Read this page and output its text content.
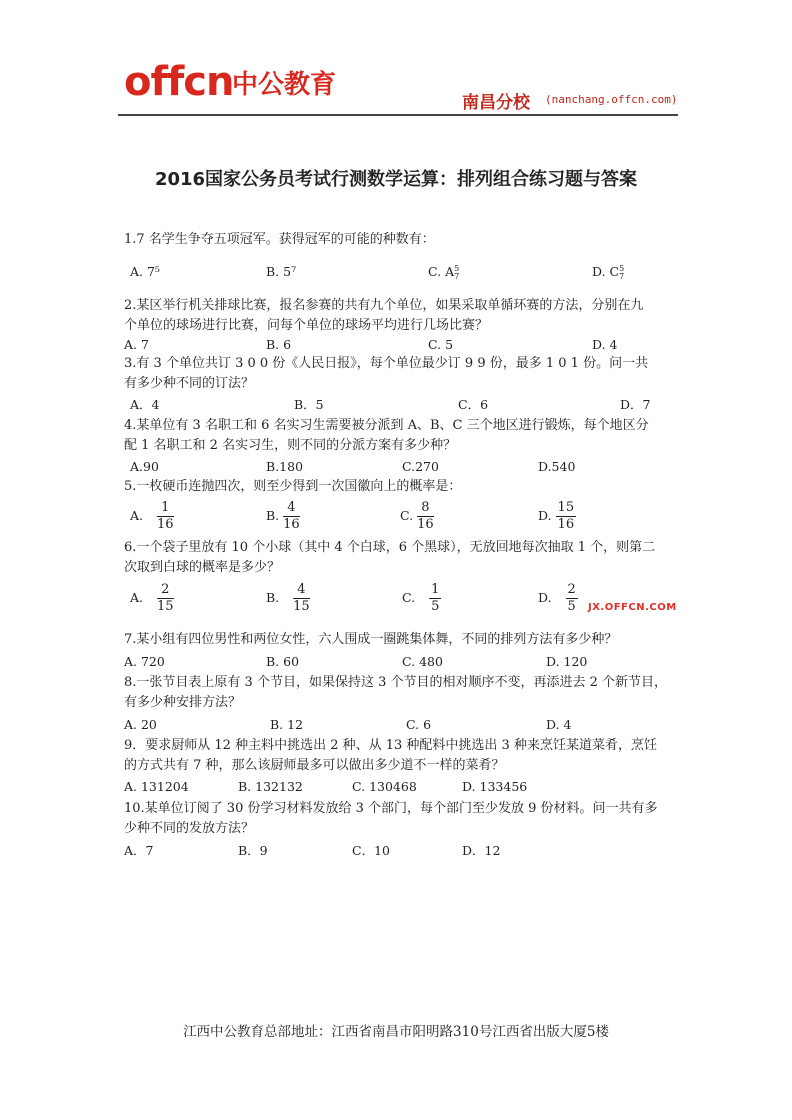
offcn
中公教育
南昌分校 (nanchang.offcn.com)
2016国家公务员考试行测数学运算：排列组合练习题与答案
1.7 名学生争夺五项冠军。获得冠军的可能的种数有：
A. 7⁵	B. 5⁷	C. A 5
7	D. C 5
7
2.某区举行机关排球比赛，报名参赛的共有九个单位，如果采取单循环赛的方法，分别在九
个单位的球场进行比赛，问每个单位的球场平均进行几场比赛？
A. 7	B. 6	C. 5	D. 4
3.有 3 个单位共订 3 0 0 份《人民日报》，每个单位最少订 9 9 份，最多 1 0 1 份。问一共
有多少种不同的订法？
A．4	B．5	C．6	D．7
4.某单位有 3 名职工和 6 名实习生需要被分派到 A、B、C 三个地区进行锻炼，每个地区分
配 1 名职工和 2 名实习生，则不同的分派方案有多少种？
A.90	B.180	C.270	D.540
5.一枚硬币连抛四次，则至少得到一次国徽向上的概率是：
A. $\frac{1}{16}$	B. $\frac{4}{16}$	C. $\frac{8}{16}$	D. $\frac{15}{16}$
6.一个袋子里放有 10 个小球（其中 4 个白球，6 个黑球），无放回地每次抽取 1 个，则第二
次取到白球的概率是多少？
A. $\frac{2}{15}$	B. $\frac{4}{15}$	C. $\frac{1}{5}$	D. $\frac{2}{5}$ JX.OFFCN.COM
7.某小组有四位男性和两位女性，六人围成一圈跳集体舞，不同的排列方法有多少种？
A. 720	B. 60	C. 480	D. 120
8.一张节目表上原有 3 个节目，如果保持这 3 个节目的相对顺序不变，再添进去 2 个新节目，
有多少种安排方法？
A. 20	B. 12	C. 6	D. 4
9．要求厨师从 12 种主料中挑选出 2 种、从 13 种配料中挑选出 3 种来烹饪某道菜肴，烹饪
的方式共有 7 种，那么该厨师最多可以做出多少道不一样的菜肴？
A. 131204	B. 132132	C. 130468	D. 133456
10.某单位订阅了 30 份学习材料发放给 3 个部门，每个部门至少发放 9 份材料。问一共有多
少种不同的发放方法？
A．7	B．9	C．10	D．12
江西中公教育总部地址：江西省南昌市阳明路310号江西省出版大厦5楼
